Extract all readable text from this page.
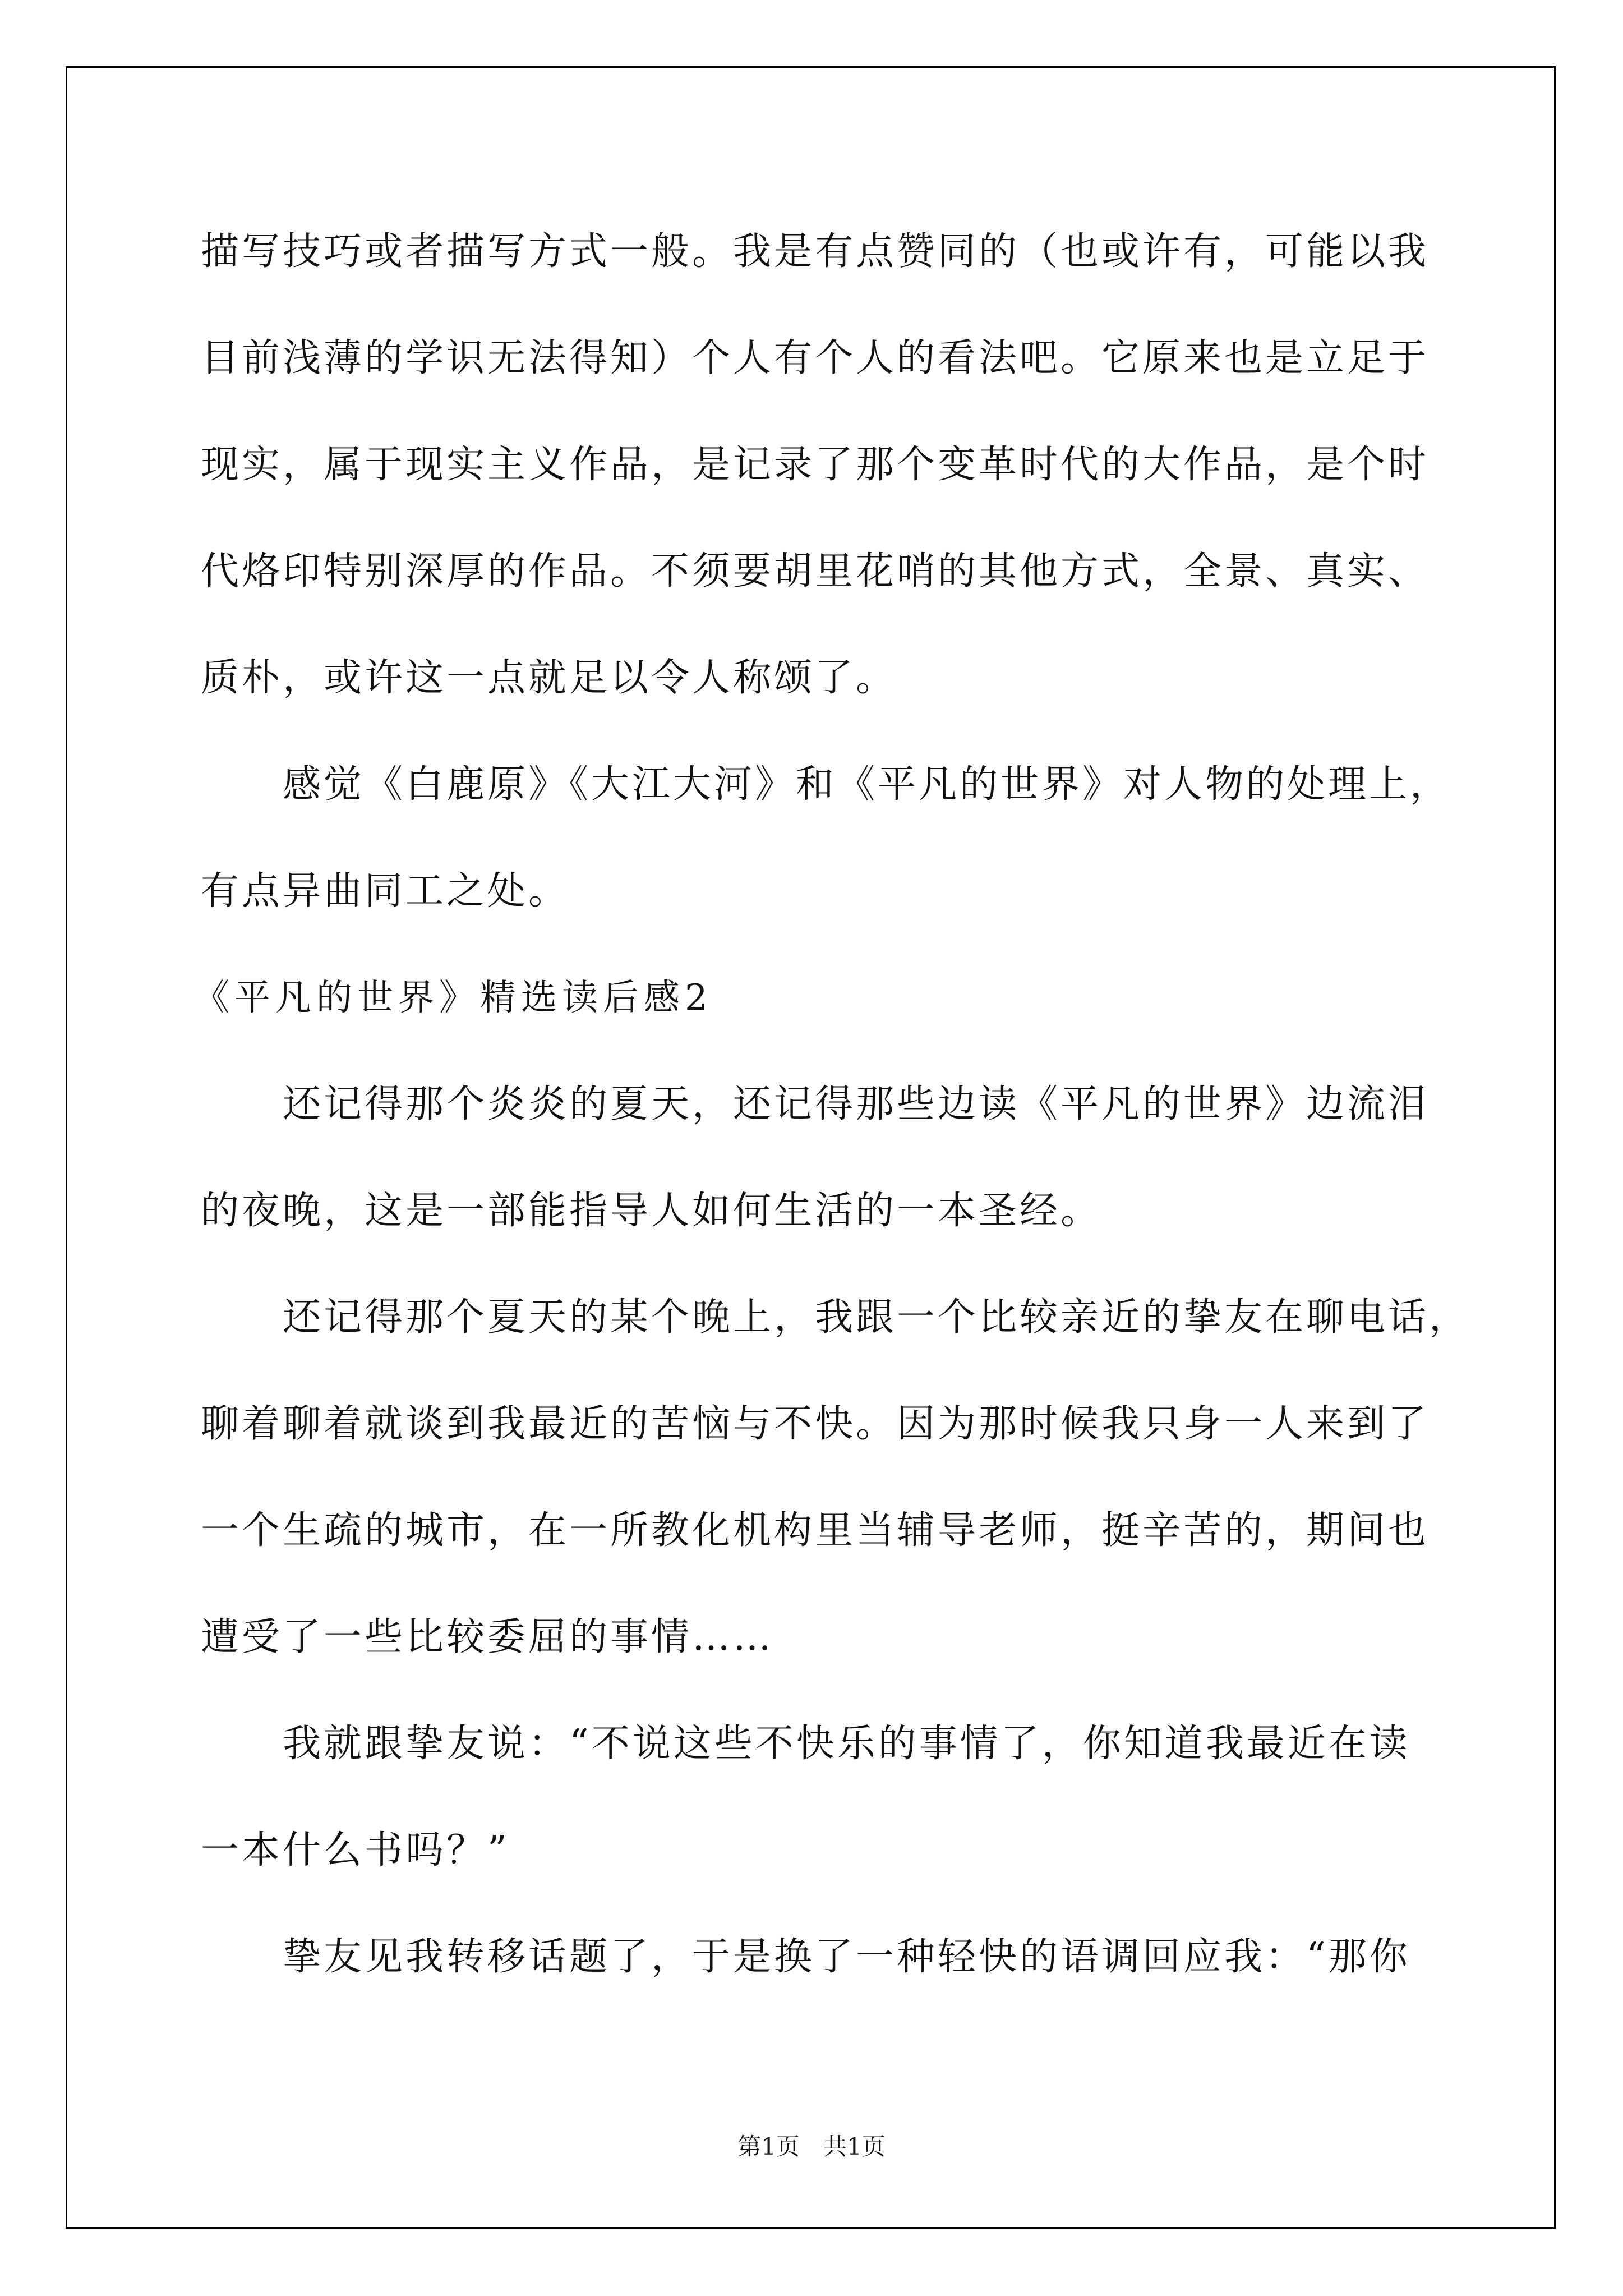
描写技巧或者描写方式一般。我是有点赞同的（也或许有，可能以我
目前浅薄的学识无法得知）个人有个人的看法吧。它原来也是立足于
现实，属于现实主义作品，是记录了那个变革时代的大作品，是个时
代烙印特别深厚的作品。不须要胡里花哨的其他方式，全景、真实、
质朴，或许这一点就足以令人称颂了。
感觉《白鹿原》《大江大河》和《平凡的世界》对人物的处理上，
有点异曲同工之处。
《平凡的世界》精选读后感2
还记得那个炎炎的夏天，还记得那些边读《平凡的世界》边流泪
的夜晚，这是一部能指导人如何生活的一本圣经。
还记得那个夏天的某个晚上，我跟一个比较亲近的挚友在聊电话，
聊着聊着就谈到我最近的苦恼与不快。因为那时候我只身一人来到了
一个生疏的城市，在一所教化机构里当辅导老师，挺辛苦的，期间也
遭受了一些比较委屈的事情……
我就跟挚友说：“不说这些不快乐的事情了，你知道我最近在读
一本什么书吗？”
挚友见我转移话题了，于是换了一种轻快的语调回应我：“那你
第1页　共1页
